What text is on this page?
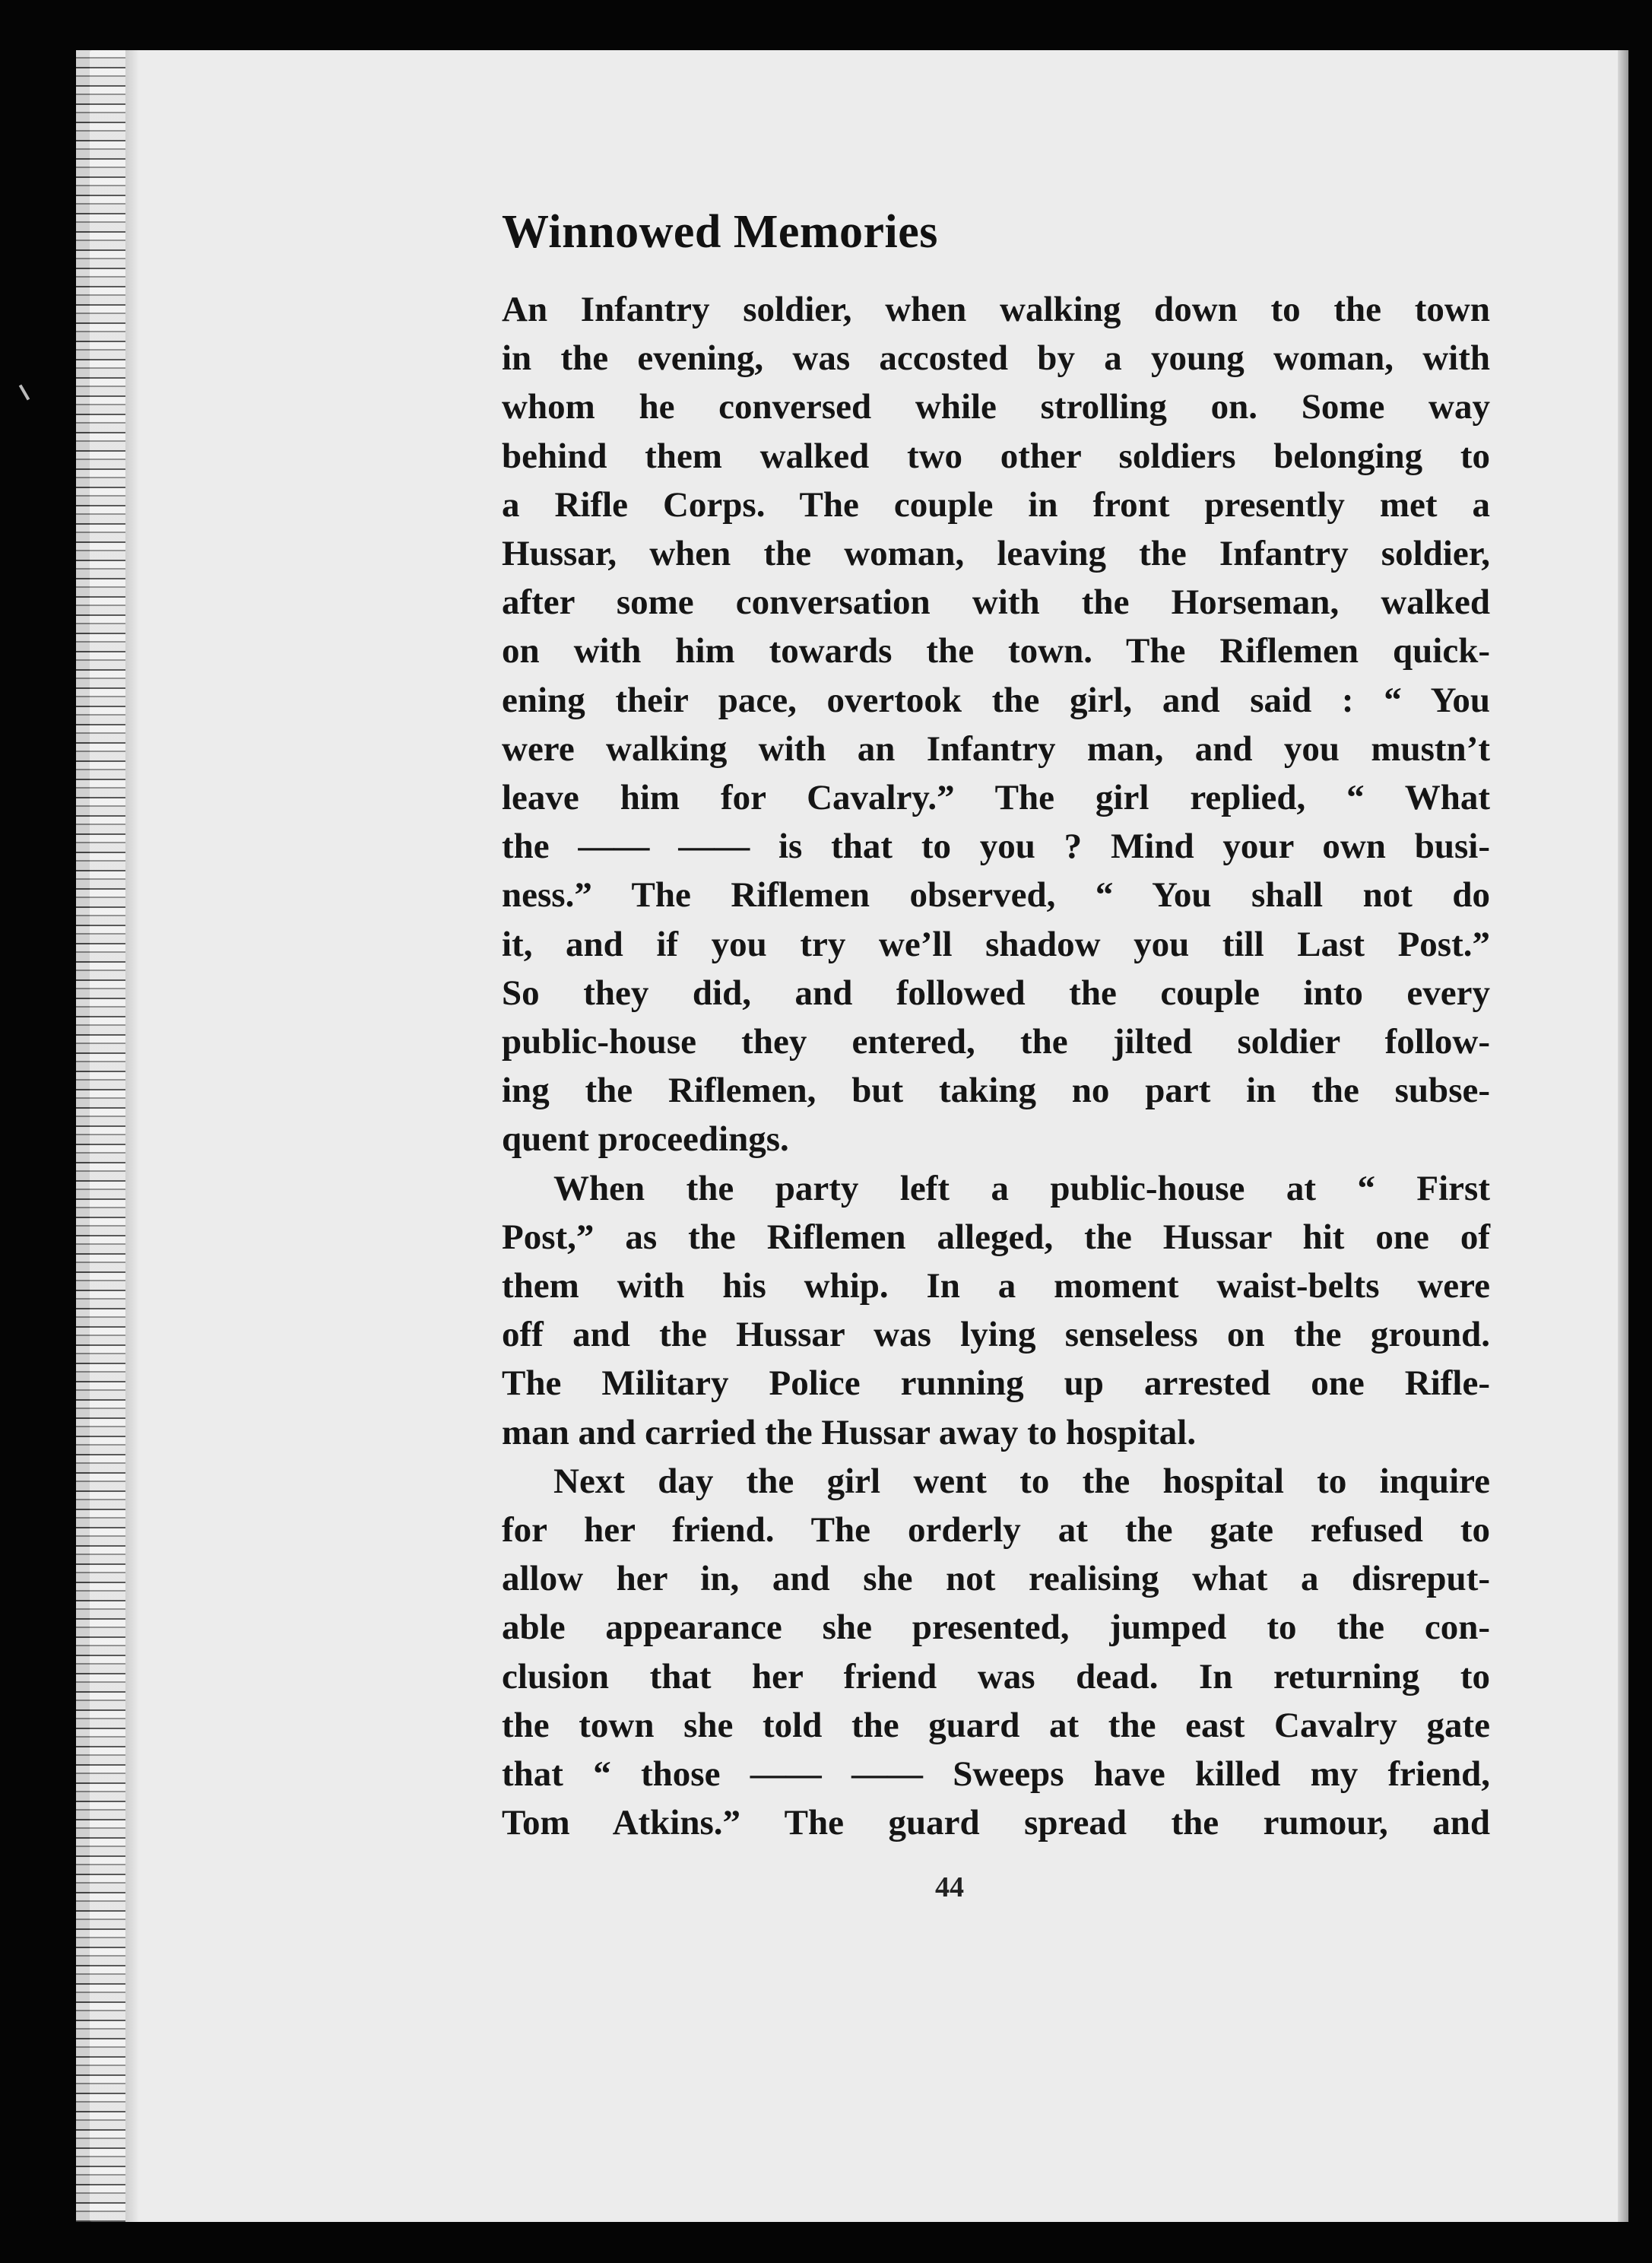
Winnowed Memories

An Infantry soldier, when walking down to the town

in the evening, was accosted by a young woman, with

whom he conversed while strolling on. Some way

behind them walked two other soldiers belonging to

a Rifle Corps. The couple in front presently met a

Hussar, when the woman, leaving the Infantry soldier,

after some conversation with the Horseman, walked

on with him towards the town. The Riflemen quick-

ening their pace, overtook the girl, and said : “ You

were walking with an Infantry man, and you mustn’t

leave him for Cavalry.” The girl replied, “ What

the —— —— is that to you ? Mind your own busi-

ness.” The Riflemen observed, “ You shall not do

it, and if you try we’ll shadow you till Last Post.”

So they did, and followed the couple into every

public-house they entered, the jilted soldier follow-

ing the Riflemen, but taking no part in the subse-

quent proceedings.

When the party left a public-house at “ First

Post,” as the Riflemen alleged, the Hussar hit one of

them with his whip. In a moment waist-belts were

off and the Hussar was lying senseless on the ground.

The Military Police running up arrested one Rifle-

man and carried the Hussar away to hospital.

Next day the girl went to the hospital to inquire

for her friend. The orderly at the gate refused to

allow her in, and she not realising what a disreput-

able appearance she presented, jumped to the con-

clusion that her friend was dead. In returning to

the town she told the guard at the east Cavalry gate

that “ those —— —— Sweeps have killed my friend,

Tom Atkins.” The guard spread the rumour, and

44
